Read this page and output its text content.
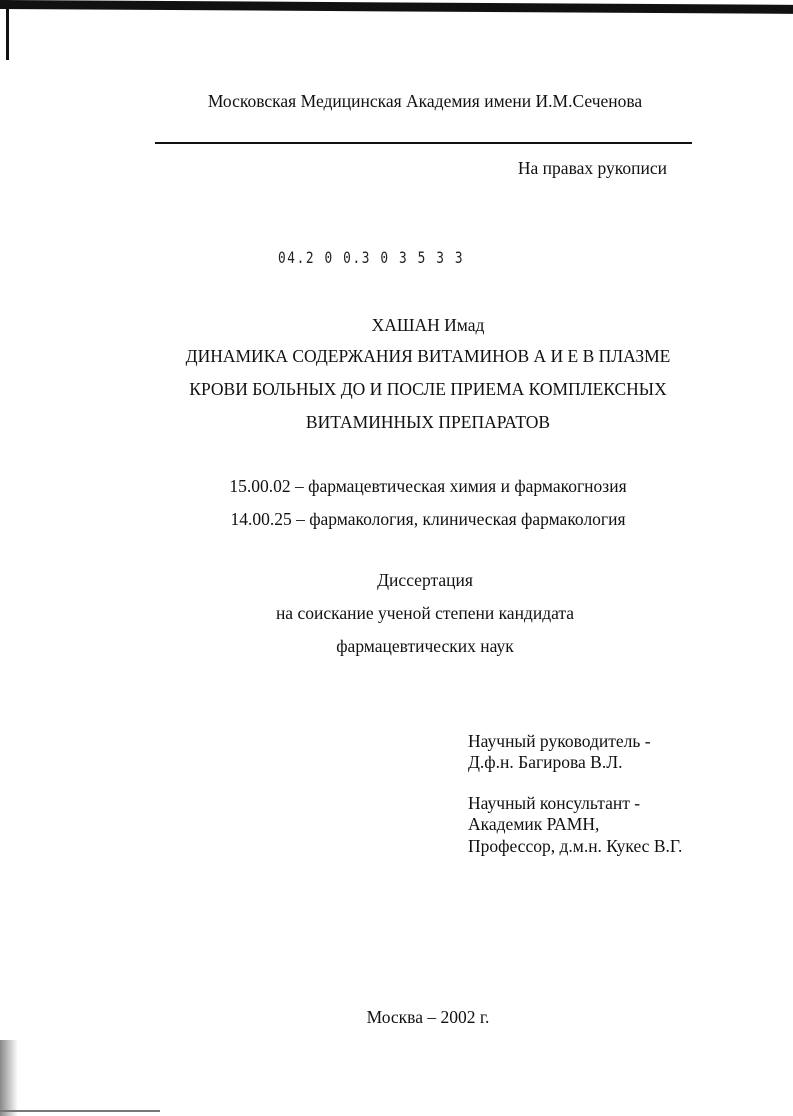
Московская Медицинская Академия имени И.М.Сеченова
На правах рукописи
04.2 0 0.3 0 3 5 3 3
ХАШАН Имад
ДИНАМИКА СОДЕРЖАНИЯ ВИТАМИНОВ А И Е В ПЛАЗМЕ
КРОВИ БОЛЬНЫХ ДО И ПОСЛЕ ПРИЕМА КОМПЛЕКСНЫХ
ВИТАМИННЫХ ПРЕПАРАТОВ
15.00.02 – фармацевтическая химия и фармакогнозия
14.00.25 – фармакология, клиническая фармакология
Диссертация
на соискание ученой степени кандидата
фармацевтических наук
Научный руководитель -
Д.ф.н. Багирова В.Л.
Научный консультант -
Академик РАМН,
Профессор, д.м.н. Кукес В.Г.
Москва – 2002 г.
